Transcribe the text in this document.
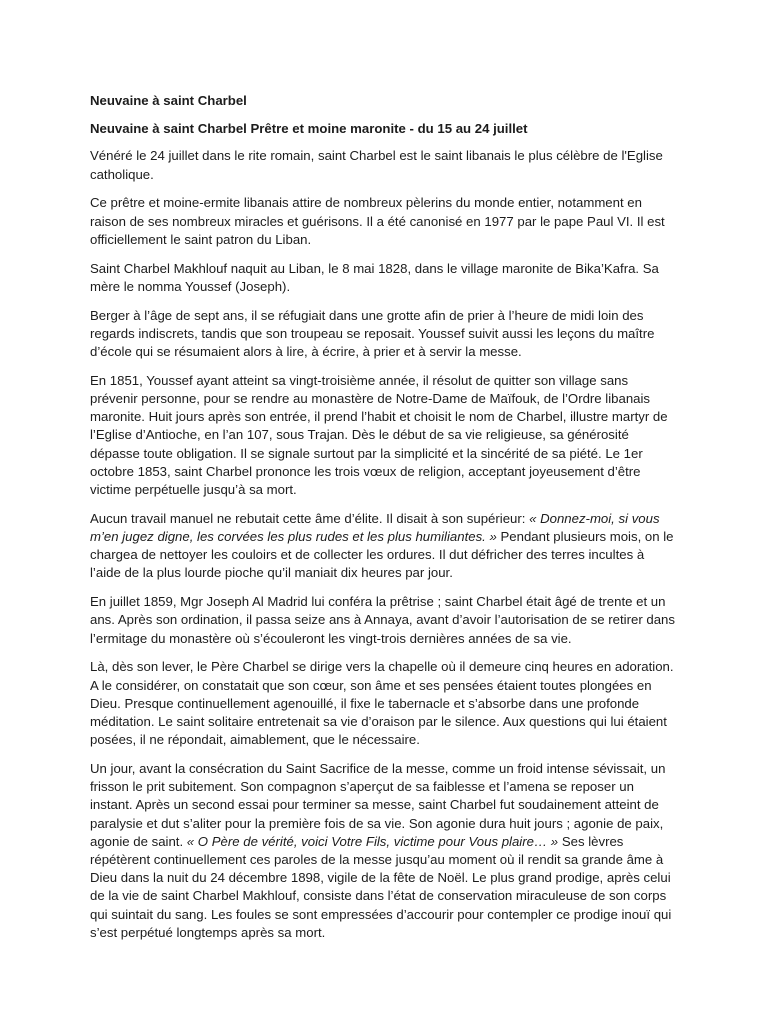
Neuvaine à saint Charbel
Neuvaine à saint Charbel Prêtre et moine maronite - du 15 au 24 juillet

Vénéré le 24 juillet dans le rite romain, saint Charbel est le saint libanais le plus célèbre de l'Eglise catholique.

Ce prêtre et moine-ermite libanais attire de nombreux pèlerins du monde entier, notamment en raison de ses nombreux miracles et guérisons. Il a été canonisé en 1977 par le pape Paul VI. Il est officiellement le saint patron du Liban.

Saint Charbel Makhlouf naquit au Liban, le 8 mai 1828, dans le village maronite de Bika’Kafra. Sa mère le nomma Youssef (Joseph).

Berger à l’âge de sept ans, il se réfugiait dans une grotte afin de prier à l’heure de midi loin des regards indiscrets, tandis que son troupeau se reposait. Youssef suivit aussi les leçons du maître d’école qui se résumaient alors à lire, à écrire, à prier et à servir la messe.

En 1851, Youssef ayant atteint sa vingt-troisième année, il résolut de quitter son village sans prévenir personne, pour se rendre au monastère de Notre-Dame de Maïfouk, de l’Ordre libanais maronite. Huit jours après son entrée, il prend l’habit et choisit le nom de Charbel, illustre martyr de l’Eglise d’Antioche, en l’an 107, sous Trajan. Dès le début de sa vie religieuse, sa générosité dépasse toute obligation. Il se signale surtout par la simplicité et la sincérité de sa piété. Le 1er octobre 1853, saint Charbel prononce les trois vœux de religion, acceptant joyeusement d’être victime perpétuelle jusqu’à sa mort.

Aucun travail manuel ne rebutait cette âme d’élite. Il disait à son supérieur: « Donnez-moi, si vous m’en jugez digne, les corvées les plus rudes et les plus humiliantes. » Pendant plusieurs mois, on le chargea de nettoyer les couloirs et de collecter les ordures. Il dut défricher des terres incultes à l’aide de la plus lourde pioche qu’il maniait dix heures par jour.

En juillet 1859, Mgr Joseph Al Madrid lui conféra la prêtrise ; saint Charbel était âgé de trente et un ans. Après son ordination, il passa seize ans à Annaya, avant d’avoir l’autorisation de se retirer dans l’ermitage du monastère où s’écouleront les vingt-trois dernières années de sa vie.

Là, dès son lever, le Père Charbel se dirige vers la chapelle où il demeure cinq heures en adoration. A le considérer, on constatait que son cœur, son âme et ses pensées étaient toutes plongées en Dieu. Presque continuellement agenouillé, il fixe le tabernacle et s’absorbe dans une profonde méditation. Le saint solitaire entretenait sa vie d’oraison par le silence. Aux questions qui lui étaient posées, il ne répondait, aimablement, que le nécessaire.

Un jour, avant la consécration du Saint Sacrifice de la messe, comme un froid intense sévissait, un frisson le prit subitement. Son compagnon s’aperçut de sa faiblesse et l’amena se reposer un instant. Après un second essai pour terminer sa messe, saint Charbel fut soudainement atteint de paralysie et dut s’aliter pour la première fois de sa vie. Son agonie dura huit jours ; agonie de paix, agonie de saint. « O Père de vérité, voici Votre Fils, victime pour Vous plaire… » Ses lèvres répétèrent continuellement ces paroles de la messe jusqu’au moment où il rendit sa grande âme à Dieu dans la nuit du 24 décembre 1898, vigile de la fête de Noël. Le plus grand prodige, après celui de la vie de saint Charbel Makhlouf, consiste dans l’état de conservation miraculeuse de son corps qui suintait du sang. Les foules se sont empressées d’accourir pour contempler ce prodige inouï qui s’est perpétué longtemps après sa mort.
